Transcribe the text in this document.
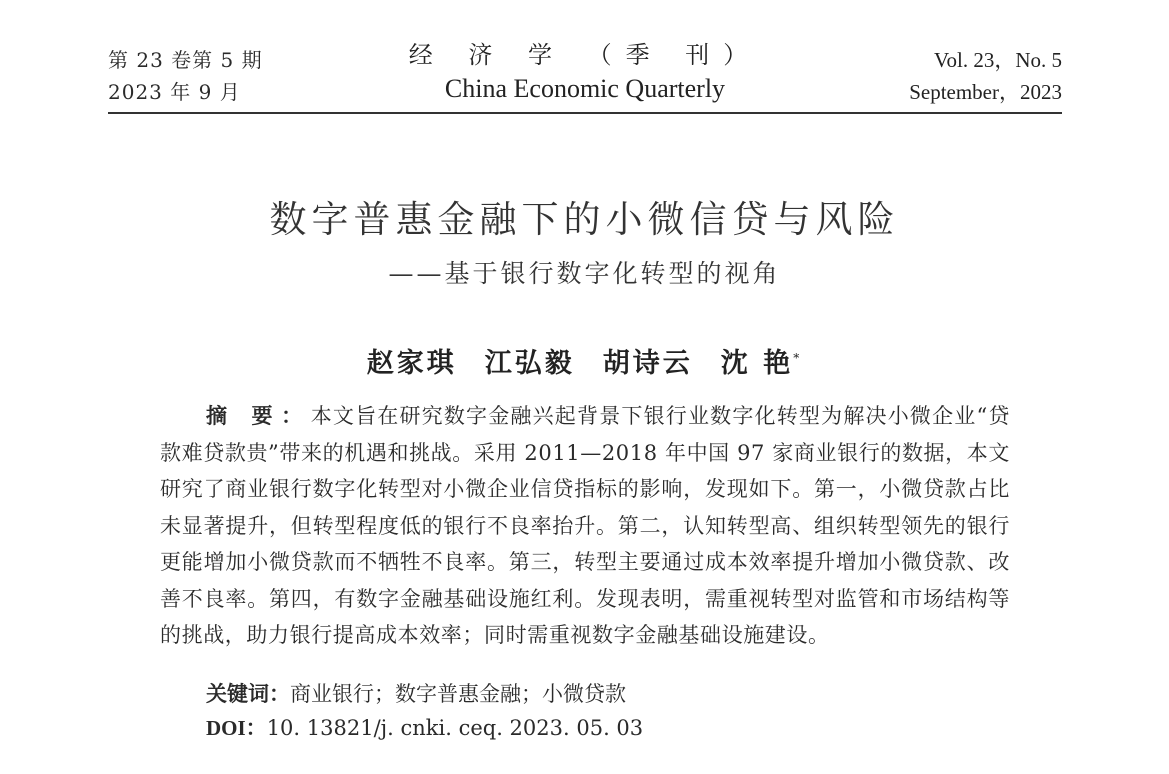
第 23 卷第 5 期
2023 年 9 月
经 济 学 （季 刊）
China Economic Quarterly
Vol. 23，No. 5
September，2023
数字普惠金融下的小微信贷与风险
——基于银行数字化转型的视角
赵家琪 江弘毅 胡诗云 沈 艳*
摘 要：本文旨在研究数字金融兴起背景下银行业数字化转型为解决小微企业“贷款难贷款贵”带来的机遇和挑战。采用 2011—2018 年中国 97 家商业银行的数据，本文研究了商业银行数字化转型对小微企业信贷指标的影响，发现如下。第一，小微贷款占比未显著提升，但转型程度低的银行不良率抬升。第二，认知转型高、组织转型领先的银行更能增加小微贷款而不牺牲不良率。第三，转型主要通过成本效率提升增加小微贷款、改善不良率。第四，有数字金融基础设施红利。发现表明，需重视转型对监管和市场结构等的挑战，助力银行提高成本效率；同时需重视数字金融基础设施建设。
关键词：商业银行；数字普惠金融；小微贷款
DOI：10. 13821/j. cnki. ceq. 2023. 05. 03
